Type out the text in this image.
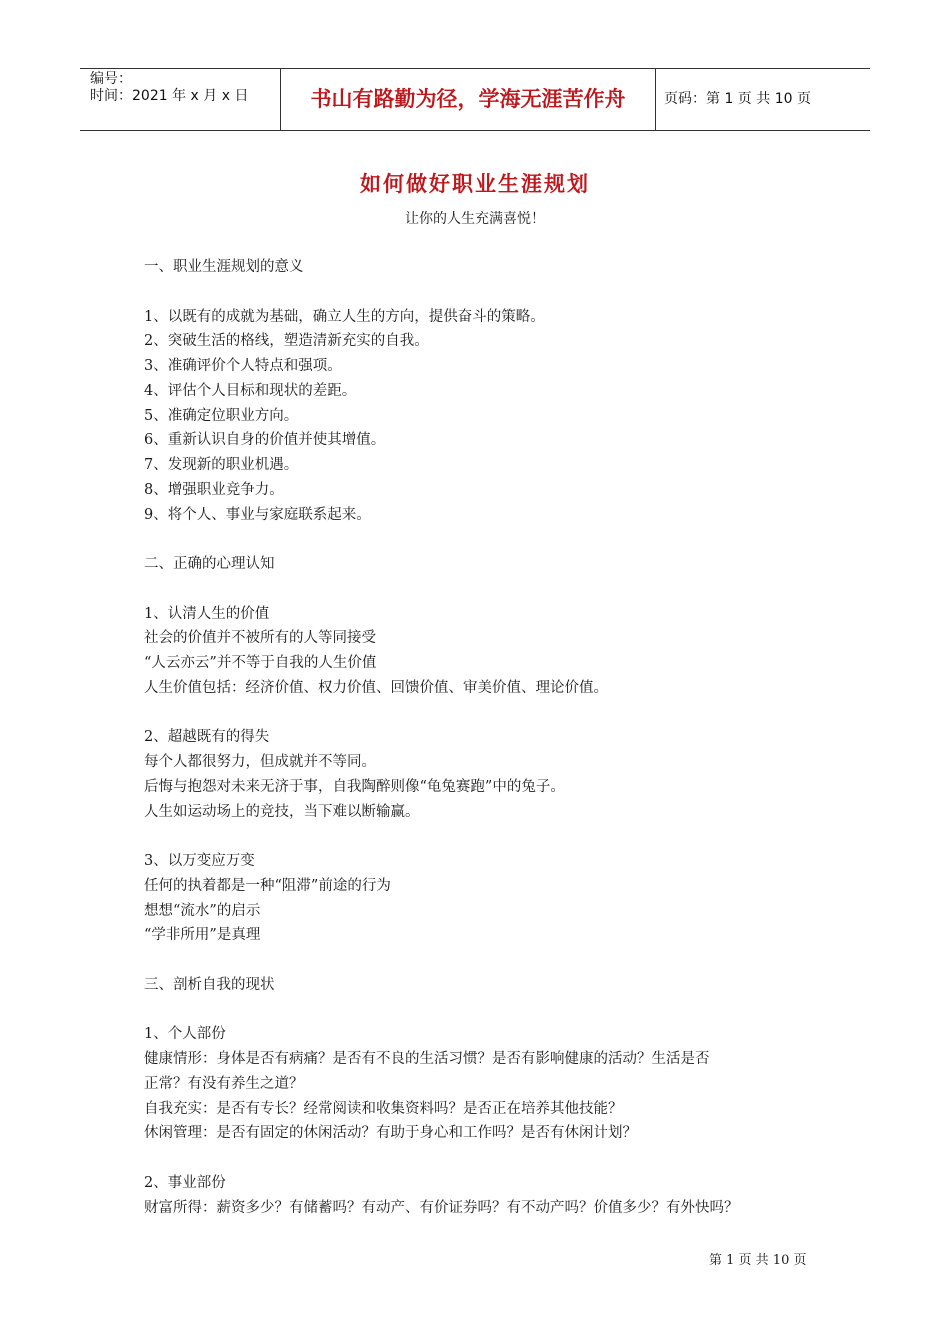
编号：
时间：2021 年 x 月 x 日	书山有路勤为径，学海无涯苦作舟	页码：第 1 页 共 10 页
如何做好职业生涯规划
让你的人生充满喜悦！
一、职业生涯规划的意义
1、以既有的成就为基础，确立人生的方向，提供奋斗的策略。
2、突破生活的格线，塑造清新充实的自我。
3、准确评价个人特点和强项。
4、评估个人目标和现状的差距。
5、准确定位职业方向。
6、重新认识自身的价值并使其增值。
7、发现新的职业机遇。
8、增强职业竞争力。
9、将个人、事业与家庭联系起来。
二、正确的心理认知
1、认清人生的价值
社会的价值并不被所有的人等同接受
“人云亦云”并不等于自我的人生价值
人生价值包括：经济价值、权力价值、回馈价值、审美价值、理论价值。
2、超越既有的得失
每个人都很努力，但成就并不等同。
后悔与抱怨对未来无济于事，自我陶醉则像“龟兔赛跑”中的兔子。
人生如运动场上的竞技，当下难以断输赢。
3、以万变应万变
任何的执着都是一种“阻滞”前途的行为
想想“流水”的启示
“学非所用”是真理
三、剖析自我的现状
1、个人部份
健康情形：身体是否有病痛？是否有不良的生活习惯？是否有影响健康的活动？生活是否
正常？有没有养生之道？
自我充实：是否有专长？经常阅读和收集资料吗？是否正在培养其他技能？
休闲管理：是否有固定的休闲活动？有助于身心和工作吗？是否有休闲计划？
2、事业部份
财富所得：薪资多少？有储蓄吗？有动产、有价证券吗？有不动产吗？价值多少？有外快吗？
第 1 页 共 10 页
